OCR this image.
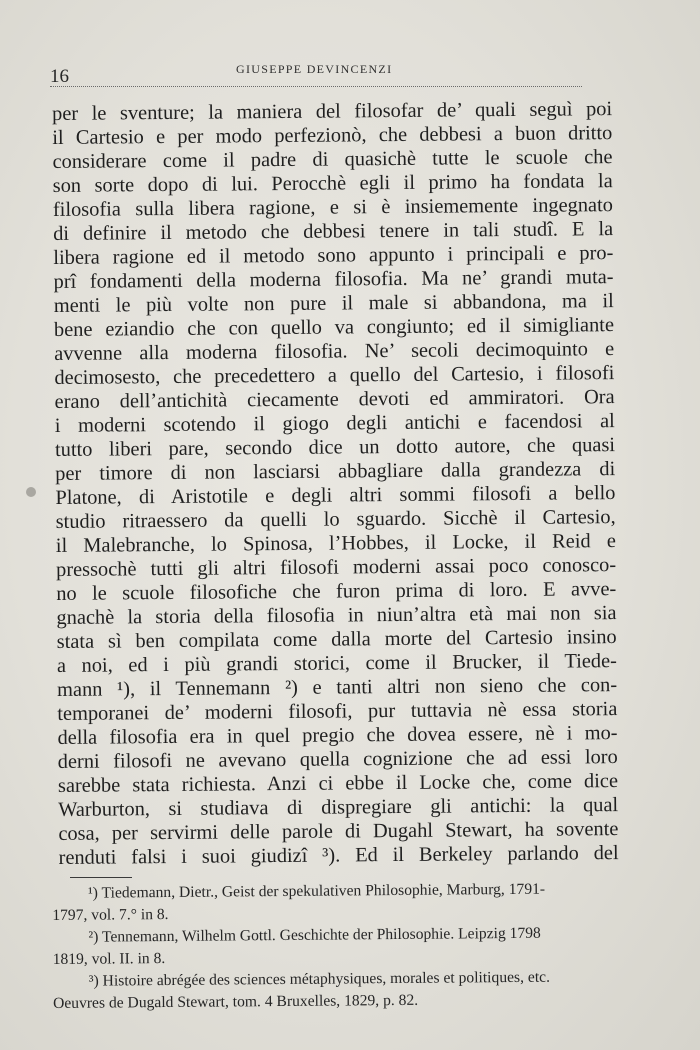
16	GIUSEPPE DEVINCENZI
per le sventure; la maniera del filosofar de’ quali seguì poi
il Cartesio e per modo perfezionò, che debbesi a buon dritto
considerare come il padre di quasichè tutte le scuole che
son sorte dopo di lui. Perocchè egli il primo ha fondata la
filosofia sulla libera ragione, e si è insiememente ingegnato
di definire il metodo che debbesi tenere in tali studî. E la
libera ragione ed il metodo sono appunto i principali e pro-
prî fondamenti della moderna filosofia. Ma ne’ grandi muta-
menti le più volte non pure il male si abbandona, ma il
bene eziandio che con quello va congiunto; ed il simigliante
avvenne alla moderna filosofia. Ne’ secoli decimoquinto e
decimosesto, che precedettero a quello del Cartesio, i filosofi
erano dell’antichità ciecamente devoti ed ammiratori. Ora
i moderni scotendo il giogo degli antichi e facendosi al
tutto liberi pare, secondo dice un dotto autore, che quasi
per timore di non lasciarsi abbagliare dalla grandezza di
Platone, di Aristotile e degli altri sommi filosofi a bello
studio ritraessero da quelli lo sguardo. Sicchè il Cartesio,
il Malebranche, lo Spinosa, l’Hobbes, il Locke, il Reid e
pressochè tutti gli altri filosofi moderni assai poco conosco-
no le scuole filosofiche che furon prima di loro. E avve-
gnachè la storia della filosofia in niun’altra età mai non sia
stata sì ben compilata come dalla morte del Cartesio insino
a noi, ed i più grandi storici, come il Brucker, il Tiede-
mann ¹), il Tennemann ²) e tanti altri non sieno che con-
temporanei de’ moderni filosofi, pur tuttavia nè essa storia
della filosofia era in quel pregio che dovea essere, nè i mo-
derni filosofi ne avevano quella cognizione che ad essi loro
sarebbe stata richiesta. Anzi ci ebbe il Locke che, come dice
Warburton, si studiava di dispregiare gli antichi: la qual
cosa, per servirmi delle parole di Dugahl Stewart, ha sovente
renduti falsi i suoi giudizî ³). Ed il Berkeley parlando del
¹) Tiedemann, Dietr., Geist der spekulativen Philosophie, Marburg, 1791-
1797, vol. 7.° in 8.
²) Tennemann, Wilhelm Gottl. Geschichte der Philosophie. Leipzig 1798
1819, vol. II. in 8.
³) Histoire abrégée des sciences métaphysiques, morales et politiques, etc.
Oeuvres de Dugald Stewart, tom. 4 Bruxelles, 1829, p. 82.
